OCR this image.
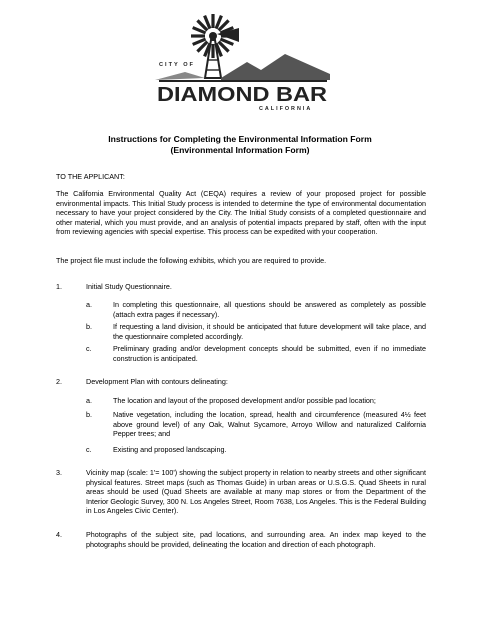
CITY OF
DIAMOND BAR
CALIFORNIA
Instructions for Completing the Environmental Information Form
(Environmental Information Form)
TO THE APPLICANT:
The California Environmental Quality Act (CEQA) requires a review of your proposed project for possible environmental impacts. This Initial Study process is intended to determine the type of environmental documentation necessary to have your project considered by the City. The Initial Study consists of a completed questionnaire and other material, which you must provide, and an analysis of potential impacts prepared by staff, often with the input from reviewing agencies with special expertise. This process can be expedited with your cooperation.
The project file must include the following exhibits, which you are required to provide.
1.	Initial Study Questionnaire.
a.	In completing this questionnaire, all questions should be answered as completely as possible (attach extra pages if necessary).
b.	If requesting a land division, it should be anticipated that future development will take place, and the questionnaire completed accordingly.
c.	Preliminary grading and/or development concepts should be submitted, even if no immediate construction is anticipated.
2.	Development Plan with contours delineating:
a.	The location and layout of the proposed development and/or possible pad location;
b.	Native vegetation, including the location, spread, health and circumference (measured 4½ feet above ground level) of any Oak, Walnut Sycamore, Arroyo Willow and naturalized California Pepper trees; and
c.	Existing and proposed landscaping.
3.	Vicinity map (scale: 1'= 100') showing the subject property in relation to nearby streets and other significant physical features. Street maps (such as Thomas Guide) in urban areas or U.S.G.S. Quad Sheets in rural areas should be used (Quad Sheets are available at many map stores or from the Department of the Interior Geologic Survey, 300 N. Los Angeles Street, Room 7638, Los Angeles. This is the Federal Building in Los Angeles Civic Center).
4.	Photographs of the subject site, pad locations, and surrounding area. An index map keyed to the photographs should be provided, delineating the location and direction of each photograph.
